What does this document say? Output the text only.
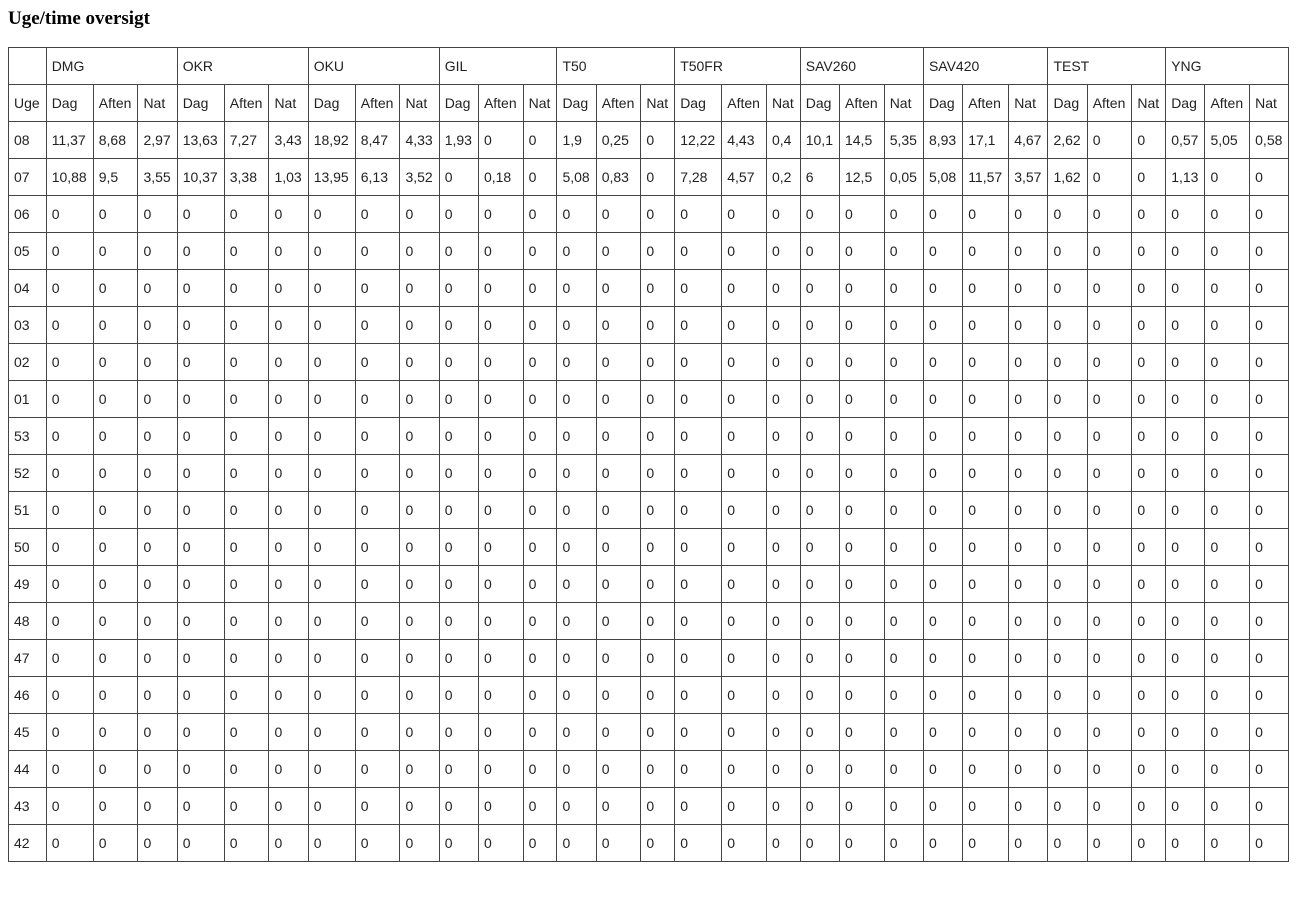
Uge/time oversigt
	DMG			OKR			OKU			GIL			T50			T50FR			SAV260			SAV420			TEST			YNG		
Uge	Dag	Aften	Nat	Dag	Aften	Nat	Dag	Aften	Nat	Dag	Aften	Nat	Dag	Aften	Nat	Dag	Aften	Nat	Dag	Aften	Nat	Dag	Aften	Nat	Dag	Aften	Nat	Dag	Aften	Nat
08	11,37	8,68	2,97	13,63	7,27	3,43	18,92	8,47	4,33	1,93	0	0	1,9	0,25	0	12,22	4,43	0,4	10,1	14,5	5,35	8,93	17,1	4,67	2,62	0	0	0,57	5,05	0,58
07	10,88	9,5	3,55	10,37	3,38	1,03	13,95	6,13	3,52	0	0,18	0	5,08	0,83	0	7,28	4,57	0,2	6	12,5	0,05	5,08	11,57	3,57	1,62	0	0	1,13	0	0
06	0	0	0	0	0	0	0	0	0	0	0	0	0	0	0	0	0	0	0	0	0	0	0	0	0	0	0	0	0	0
05	0	0	0	0	0	0	0	0	0	0	0	0	0	0	0	0	0	0	0	0	0	0	0	0	0	0	0	0	0	0
04	0	0	0	0	0	0	0	0	0	0	0	0	0	0	0	0	0	0	0	0	0	0	0	0	0	0	0	0	0	0
03	0	0	0	0	0	0	0	0	0	0	0	0	0	0	0	0	0	0	0	0	0	0	0	0	0	0	0	0	0	0
02	0	0	0	0	0	0	0	0	0	0	0	0	0	0	0	0	0	0	0	0	0	0	0	0	0	0	0	0	0	0
01	0	0	0	0	0	0	0	0	0	0	0	0	0	0	0	0	0	0	0	0	0	0	0	0	0	0	0	0	0	0
53	0	0	0	0	0	0	0	0	0	0	0	0	0	0	0	0	0	0	0	0	0	0	0	0	0	0	0	0	0	0
52	0	0	0	0	0	0	0	0	0	0	0	0	0	0	0	0	0	0	0	0	0	0	0	0	0	0	0	0	0	0
51	0	0	0	0	0	0	0	0	0	0	0	0	0	0	0	0	0	0	0	0	0	0	0	0	0	0	0	0	0	0
50	0	0	0	0	0	0	0	0	0	0	0	0	0	0	0	0	0	0	0	0	0	0	0	0	0	0	0	0	0	0
49	0	0	0	0	0	0	0	0	0	0	0	0	0	0	0	0	0	0	0	0	0	0	0	0	0	0	0	0	0	0
48	0	0	0	0	0	0	0	0	0	0	0	0	0	0	0	0	0	0	0	0	0	0	0	0	0	0	0	0	0	0
47	0	0	0	0	0	0	0	0	0	0	0	0	0	0	0	0	0	0	0	0	0	0	0	0	0	0	0	0	0	0
46	0	0	0	0	0	0	0	0	0	0	0	0	0	0	0	0	0	0	0	0	0	0	0	0	0	0	0	0	0	0
45	0	0	0	0	0	0	0	0	0	0	0	0	0	0	0	0	0	0	0	0	0	0	0	0	0	0	0	0	0	0
44	0	0	0	0	0	0	0	0	0	0	0	0	0	0	0	0	0	0	0	0	0	0	0	0	0	0	0	0	0	0
43	0	0	0	0	0	0	0	0	0	0	0	0	0	0	0	0	0	0	0	0	0	0	0	0	0	0	0	0	0	0
42	0	0	0	0	0	0	0	0	0	0	0	0	0	0	0	0	0	0	0	0	0	0	0	0	0	0	0	0	0	0
